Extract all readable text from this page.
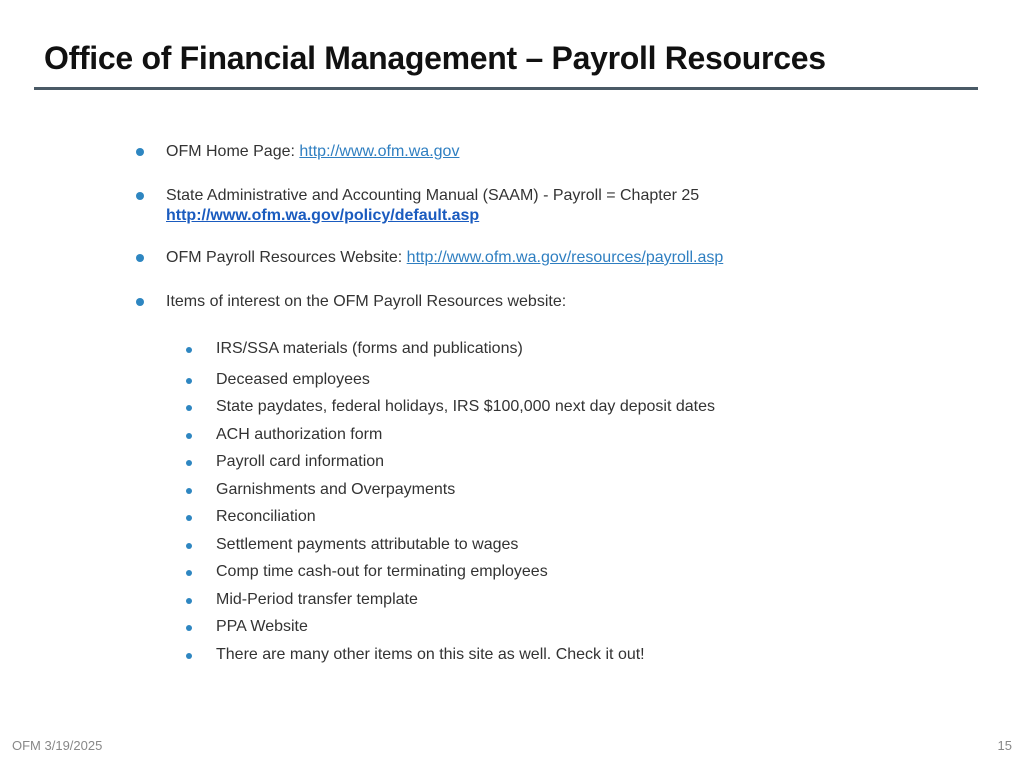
Office of Financial Management – Payroll Resources
OFM Home Page: http://www.ofm.wa.gov
State Administrative and Accounting Manual (SAAM) - Payroll = Chapter 25
http://www.ofm.wa.gov/policy/default.asp
OFM Payroll Resources Website: http://www.ofm.wa.gov/resources/payroll.asp
Items of interest on the OFM Payroll Resources website:
IRS/SSA materials (forms and publications)
Deceased employees
State paydates, federal holidays, IRS $100,000 next day deposit dates
ACH authorization form
Payroll card information
Garnishments and Overpayments
Reconciliation
Settlement payments attributable to wages
Comp time cash-out for terminating employees
Mid-Period transfer template
PPA Website
There are many other items on this site as well. Check it out!
OFM 3/19/2025	15
